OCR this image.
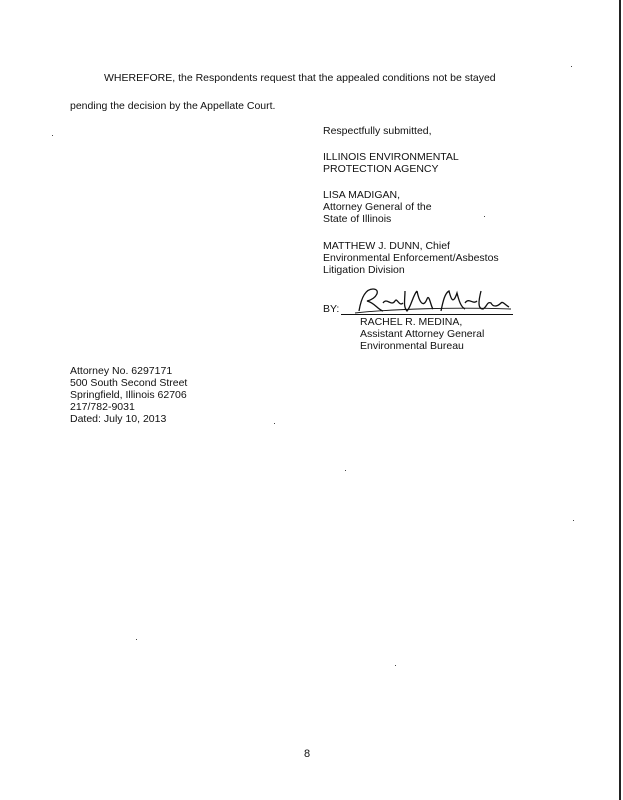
WHEREFORE, the Respondents request that the appealed conditions not be stayed
pending the decision by the Appellate Court.
Respectfully submitted,
ILLINOIS ENVIRONMENTAL
PROTECTION AGENCY
LISA MADIGAN,
Attorney General of the
State of Illinois
MATTHEW J. DUNN, Chief
Environmental Enforcement/Asbestos
Litigation Division
BY:
RACHEL R. MEDINA,
Assistant Attorney General
Environmental Bureau
Attorney No. 6297171
500 South Second Street
Springfield, Illinois 62706
217/782-9031
Dated: July 10, 2013
8
